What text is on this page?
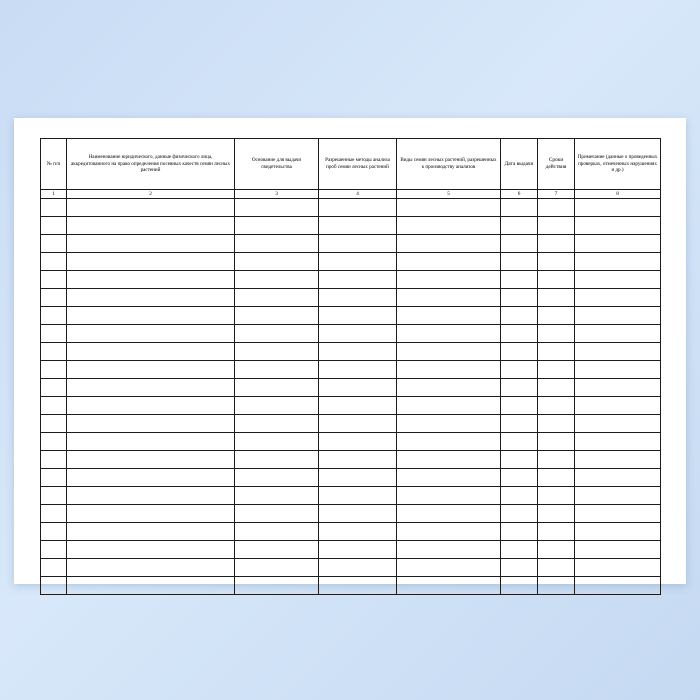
№ п/п	Наименование юридического, данные физического лица, аккредитованного на право определения посевных качеств семян лесных растений	Основание для выдачи свидетельства	Разрешенные методы анализа проб семян лесных растений	Виды семян лесных растений, разрешенных к производству анализов	Дата выдачи	Сроки действия	Примечание (данные о проведенных проверках, отмеченных нарушениях и др.)
1	2	3	4	5	6	7	8
